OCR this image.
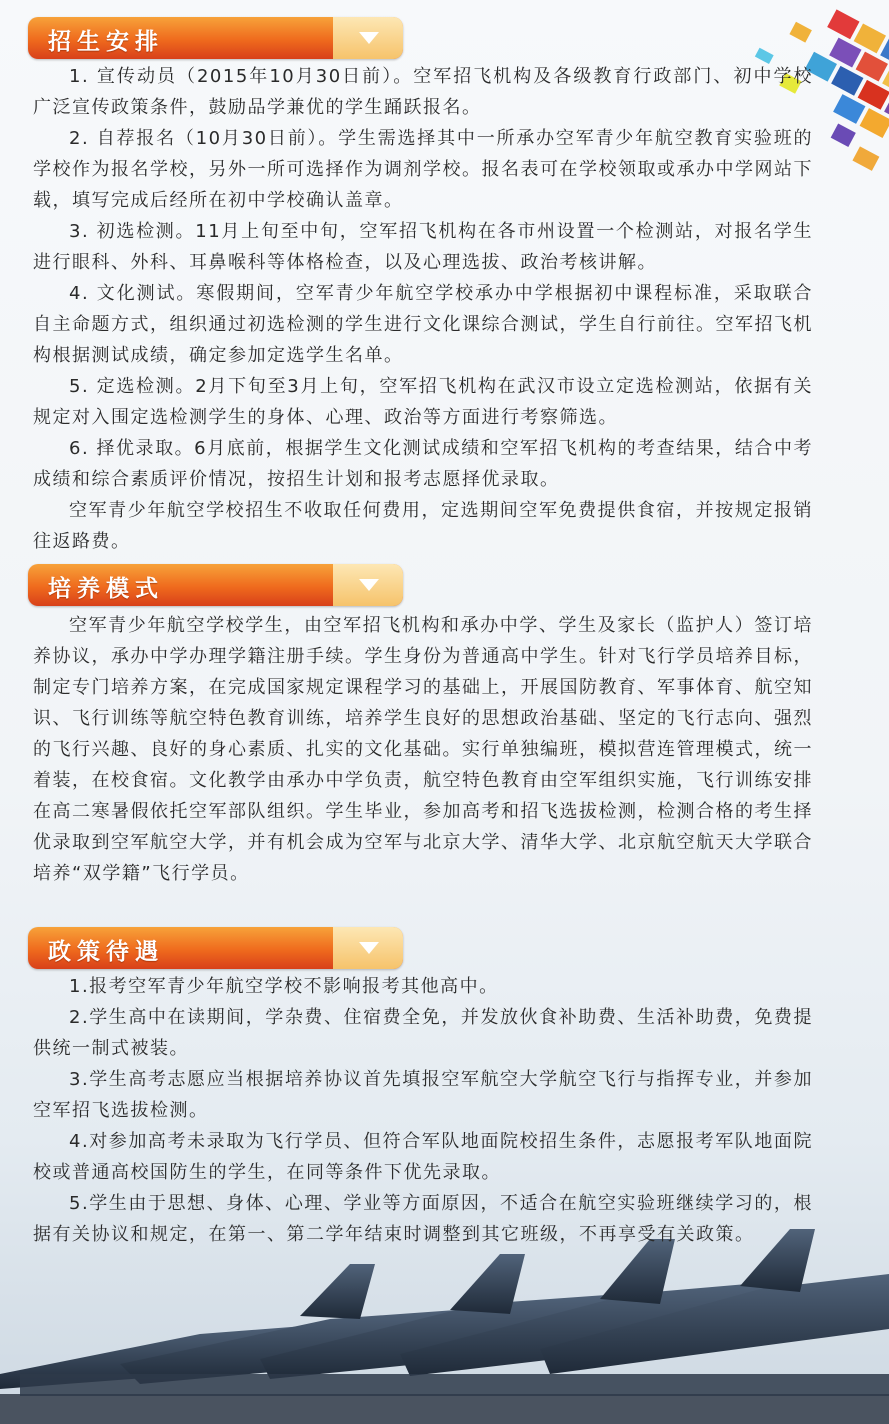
招生安排

1. 宣传动员（2015年10月30日前）。空军招飞机构及各级教育行政部门、初中学校广泛宣传政策条件，鼓励品学兼优的学生踊跃报名。

2. 自荐报名（10月30日前）。学生需选择其中一所承办空军青少年航空教育实验班的学校作为报名学校，另外一所可选择作为调剂学校。报名表可在学校领取或承办中学网站下载，填写完成后经所在初中学校确认盖章。

3. 初选检测。11月上旬至中旬，空军招飞机构在各市州设置一个检测站，对报名学生进行眼科、外科、耳鼻喉科等体格检查，以及心理选拔、政治考核讲解。

4. 文化测试。寒假期间，空军青少年航空学校承办中学根据初中课程标准，采取联合自主命题方式，组织通过初选检测的学生进行文化课综合测试，学生自行前往。空军招飞机构根据测试成绩，确定参加定选学生名单。

5. 定选检测。2月下旬至3月上旬，空军招飞机构在武汉市设立定选检测站，依据有关规定对入围定选检测学生的身体、心理、政治等方面进行考察筛选。

6. 择优录取。6月底前，根据学生文化测试成绩和空军招飞机构的考查结果，结合中考成绩和综合素质评价情况，按招生计划和报考志愿择优录取。

空军青少年航空学校招生不收取任何费用，定选期间空军免费提供食宿，并按规定报销往返路费。

培养模式

空军青少年航空学校学生，由空军招飞机构和承办中学、学生及家长（监护人）签订培养协议，承办中学办理学籍注册手续。学生身份为普通高中学生。针对飞行学员培养目标，制定专门培养方案，在完成国家规定课程学习的基础上，开展国防教育、军事体育、航空知识、飞行训练等航空特色教育训练，培养学生良好的思想政治基础、坚定的飞行志向、强烈的飞行兴趣、良好的身心素质、扎实的文化基础。实行单独编班，模拟营连管理模式，统一着装，在校食宿。文化教学由承办中学负责，航空特色教育由空军组织实施，飞行训练安排在高二寒暑假依托空军部队组织。学生毕业，参加高考和招飞选拔检测，检测合格的考生择优录取到空军航空大学，并有机会成为空军与北京大学、清华大学、北京航空航天大学联合培养“双学籍”飞行学员。

政策待遇

1.报考空军青少年航空学校不影响报考其他高中。

2.学生高中在读期间，学杂费、住宿费全免，并发放伙食补助费、生活补助费，免费提供统一制式被装。

3.学生高考志愿应当根据培养协议首先填报空军航空大学航空飞行与指挥专业，并参加空军招飞选拔检测。

4.对参加高考未录取为飞行学员、但符合军队地面院校招生条件，志愿报考军队地面院校或普通高校国防生的学生，在同等条件下优先录取。

5.学生由于思想、身体、心理、学业等方面原因，不适合在航空实验班继续学习的，根据有关协议和规定，在第一、第二学年结束时调整到其它班级，不再享受有关政策。
